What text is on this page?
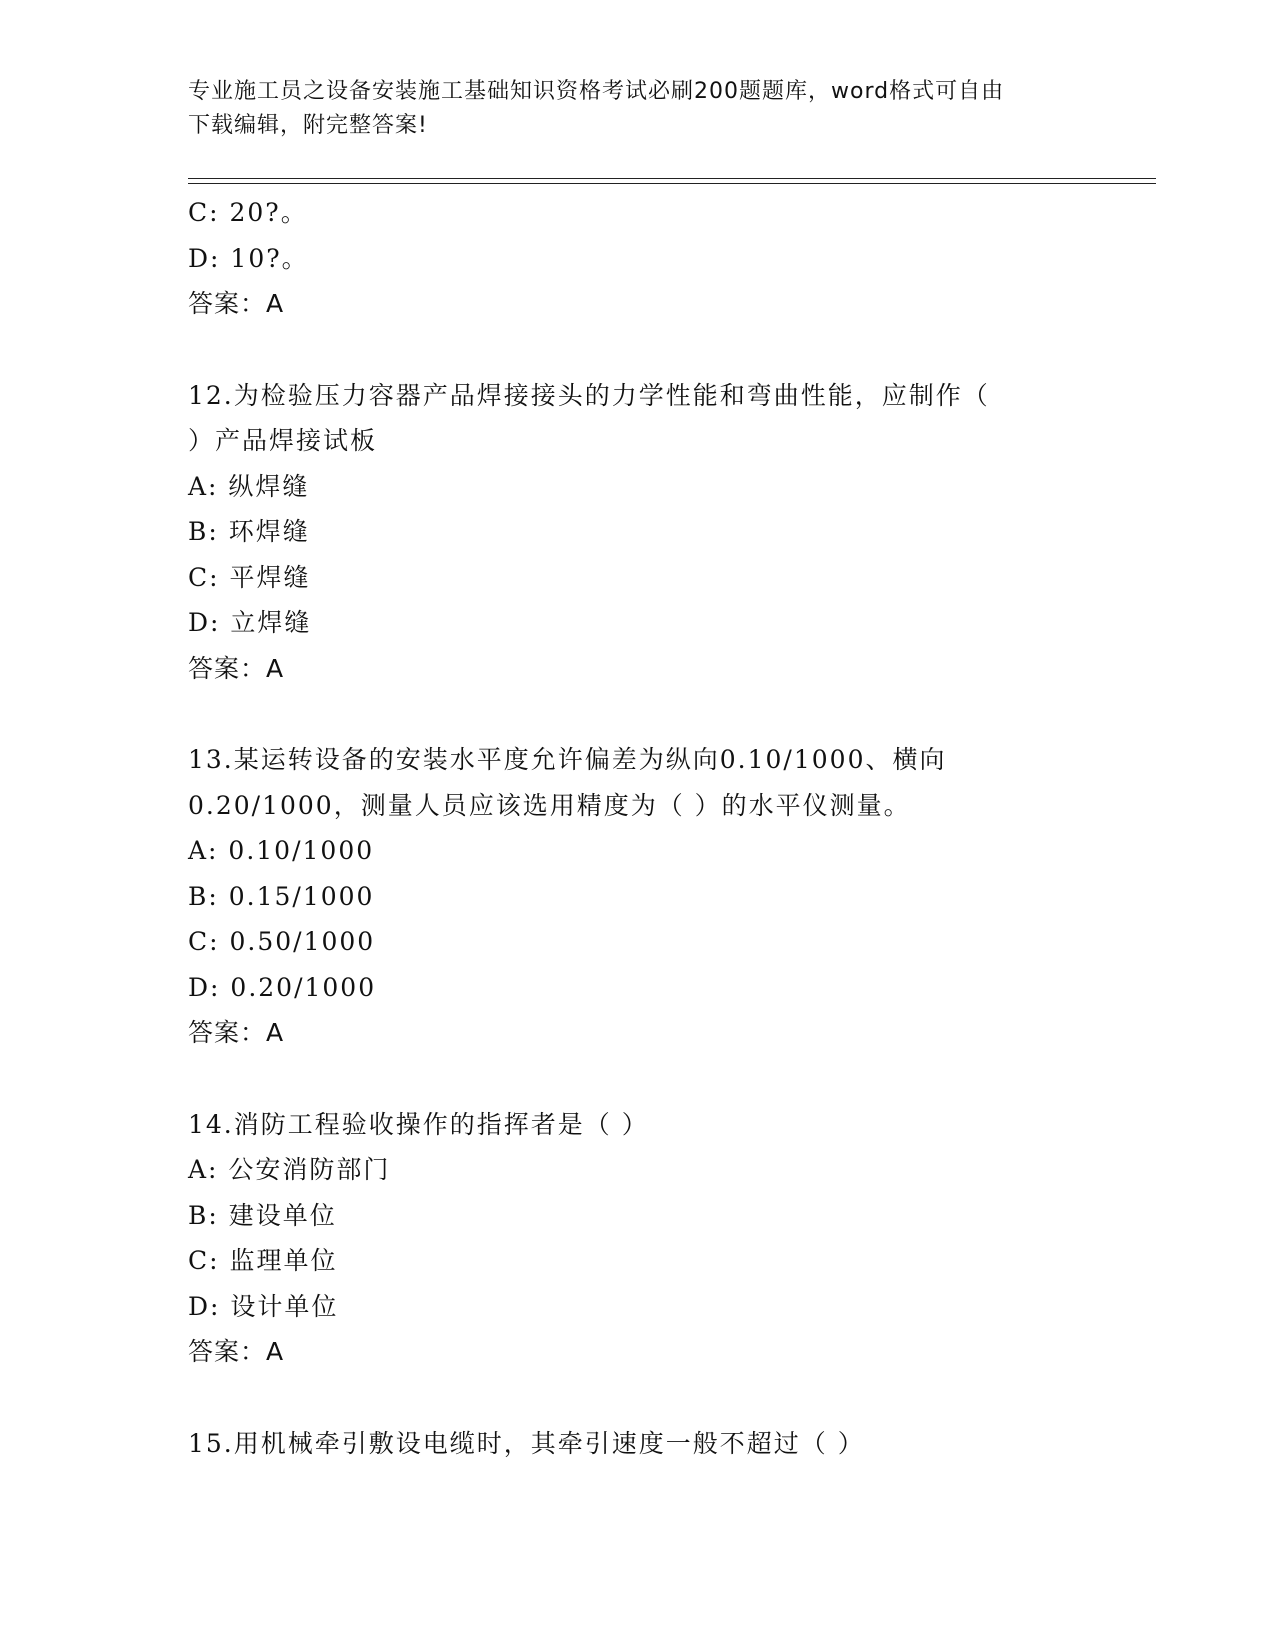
专业施工员之设备安装施工基础知识资格考试必刷200题题库，word格式可自由
下载编辑，附完整答案!
C: 20?。
D: 10?。
答案：A
12.为检验压力容器产品焊接接头的力学性能和弯曲性能，应制作（
）产品焊接试板
A: 纵焊缝
B: 环焊缝
C: 平焊缝
D: 立焊缝
答案：A
13.某运转设备的安装水平度允许偏差为纵向0.10/1000、横向
0.20/1000，测量人员应该选用精度为（ ）的水平仪测量。
A: 0.10/1000
B: 0.15/1000
C: 0.50/1000
D: 0.20/1000
答案：A
14.消防工程验收操作的指挥者是（ ）
A: 公安消防部门
B: 建设单位
C: 监理单位
D: 设计单位
答案：A
15.用机械牵引敷设电缆时，其牵引速度一般不超过（ ）
